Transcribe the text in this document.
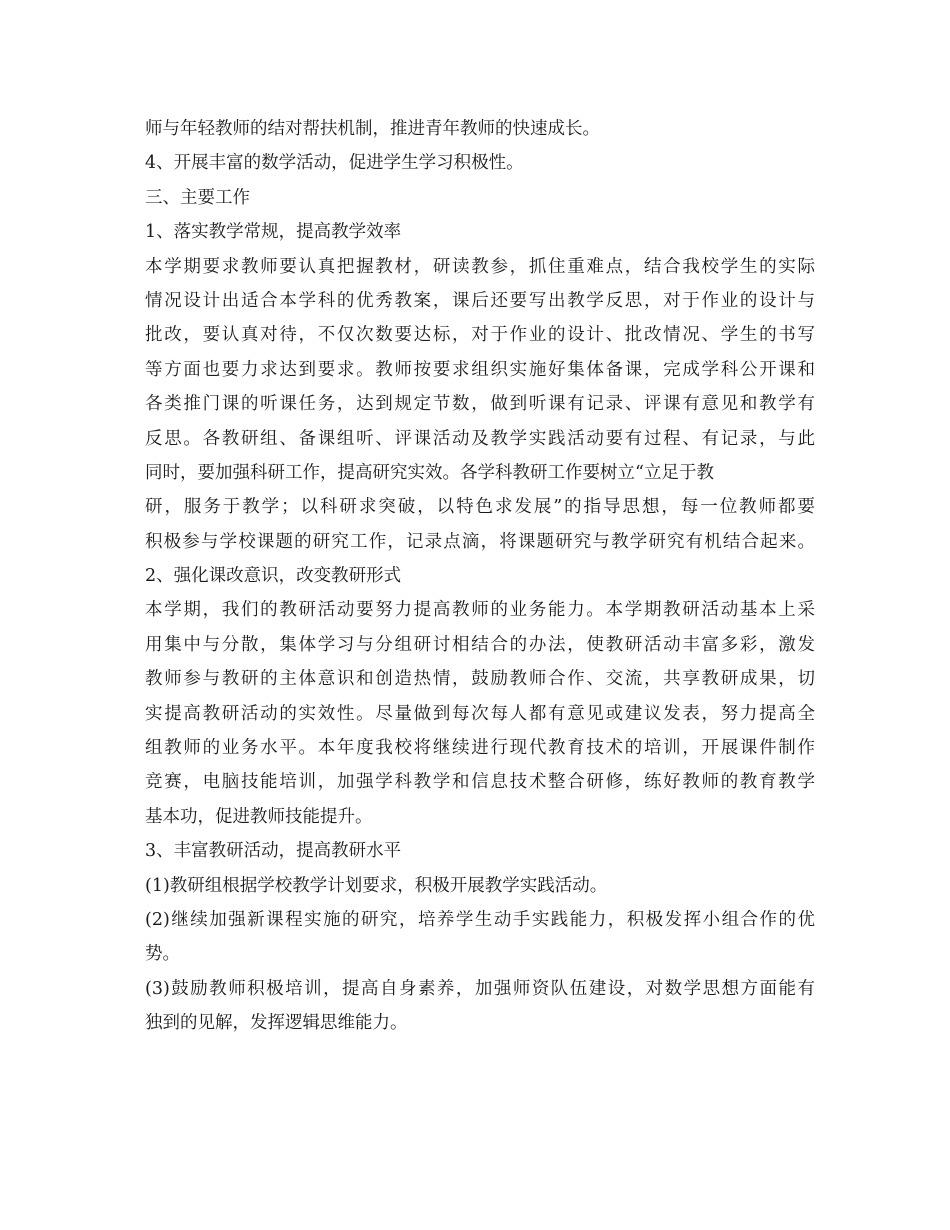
师与年轻教师的结对帮扶机制，推进青年教师的快速成长。
4、开展丰富的数学活动，促进学生学习积极性。
三、主要工作
1、落实教学常规，提高教学效率
本学期要求教师要认真把握教材，研读教参，抓住重难点，结合我校学生的实际
情况设计出适合本学科的优秀教案，课后还要写出教学反思，对于作业的设计与
批改，要认真对待，不仅次数要达标，对于作业的设计、批改情况、学生的书写
等方面也要力求达到要求。教师按要求组织实施好集体备课，完成学科公开课和
各类推门课的听课任务，达到规定节数，做到听课有记录、评课有意见和教学有
反思。各教研组、备课组听、评课活动及教学实践活动要有过程、有记录，与此
同时，要加强科研工作，提高研究实效。各学科教研工作要树立“立足于教
研，服务于教学；以科研求突破，以特色求发展”的指导思想，每一位教师都要
积极参与学校课题的研究工作，记录点滴，将课题研究与教学研究有机结合起来。
2、强化课改意识，改变教研形式
本学期，我们的教研活动要努力提高教师的业务能力。本学期教研活动基本上采
用集中与分散，集体学习与分组研讨相结合的办法，使教研活动丰富多彩，激发
教师参与教研的主体意识和创造热情，鼓励教师合作、交流，共享教研成果，切
实提高教研活动的实效性。尽量做到每次每人都有意见或建议发表，努力提高全
组教师的业务水平。本年度我校将继续进行现代教育技术的培训，开展课件制作
竞赛，电脑技能培训，加强学科教学和信息技术整合研修，练好教师的教育教学
基本功，促进教师技能提升。
3、丰富教研活动，提高教研水平
(1)教研组根据学校教学计划要求，积极开展教学实践活动。
(2)继续加强新课程实施的研究，培养学生动手实践能力，积极发挥小组合作的优
势。
(3)鼓励教师积极培训，提高自身素养，加强师资队伍建设，对数学思想方面能有
独到的见解，发挥逻辑思维能力。
